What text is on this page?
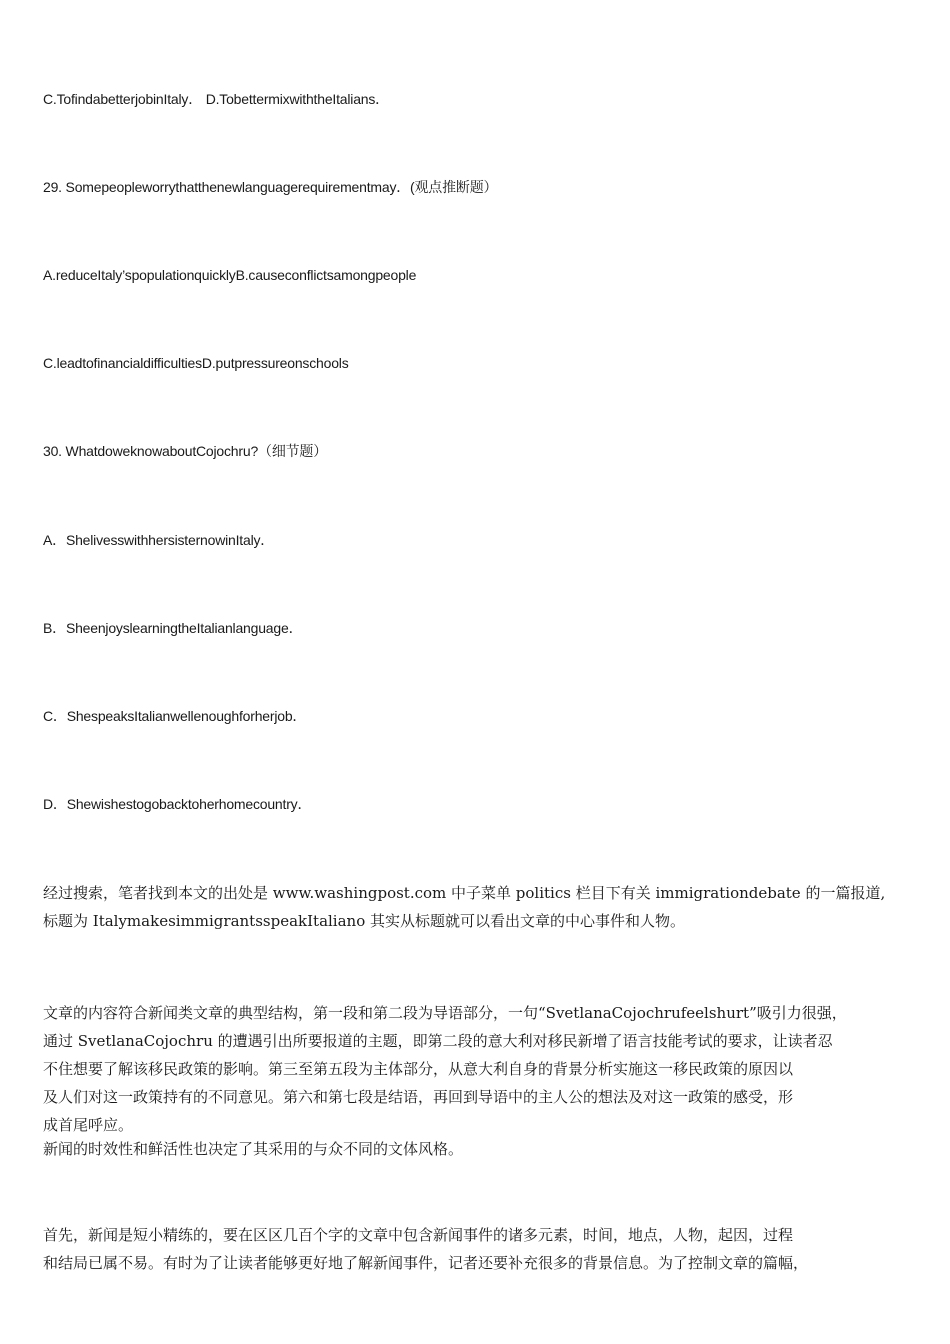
C.TofindabetterjobinItaly． D.TobettermixwiththeItalians．
29. Somepeopleworrythatthenewlanguagerequirementmay．(观点推断题）
A.reduceItaly’spopulationquicklyB.causeconflictsamongpeople
C.leadtofinancialdifficultiesD.putpressureonschools
30. WhatdoweknowaboutCojochru?（细节题）
A．ShelivesswithhersisternowinItaly．
B．SheenjoyslearningtheItalianlanguage．
C．ShespeaksItalianwellenoughforherjob．
D．Shewishestogobacktoherhomecountry．
经过搜索，笔者找到本文的出处是 www.washingpost.com 中子菜单 politics 栏目下有关 immigrationdebate 的一篇报道,
标题为 ItalymakesimmigrantsspeakItaliano 其实从标题就可以看出文章的中心事件和人物。
文章的内容符合新闻类文章的典型结构，第一段和第二段为导语部分，一句“SvetlanaCojochrufeelshurt”吸引力很强，
通过 SvetlanaCojochru 的遭遇引出所要报道的主题，即第二段的意大利对移民新增了语言技能考试的要求，让读者忍
不住想要了解该移民政策的影响。第三至第五段为主体部分，从意大利自身的背景分析实施这一移民政策的原因以
及人们对这一政策持有的不同意见。第六和第七段是结语，再回到导语中的主人公的想法及对这一政策的感受，形
成首尾呼应。
新闻的时效性和鲜活性也决定了其采用的与众不同的文体风格。
首先，新闻是短小精练的，要在区区几百个字的文章中包含新闻事件的诸多元素，时间，地点，人物，起因，过程
和结局已属不易。有时为了让读者能够更好地了解新闻事件，记者还要补充很多的背景信息。为了控制文章的篇幅，
